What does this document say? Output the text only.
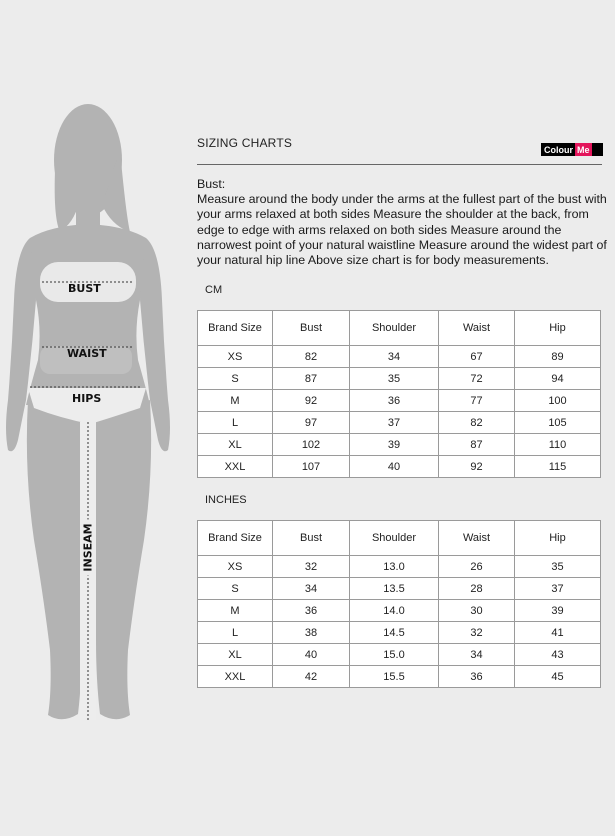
BUST
WAIST
HIPS
INSEAM
SIZING CHARTS	Colour Me
Bust:
Measure around the body under the arms at the fullest part of the bust with your arms relaxed at both sides Measure the shoulder at the back, from edge to edge with arms relaxed on both sides Measure around the narrowest point of your natural waistline Measure around the widest part of your natural hip line Above size chart is for body measurements.
CM
Brand Size	Bust	Shoulder	Waist	Hip
XS	82	34	67	89
S	87	35	72	94
M	92	36	77	100
L	97	37	82	105
XL	102	39	87	110
XXL	107	40	92	115
INCHES
Brand Size	Bust	Shoulder	Waist	Hip
XS	32	13.0	26	35
S	34	13.5	28	37
M	36	14.0	30	39
L	38	14.5	32	41
XL	40	15.0	34	43
XXL	42	15.5	36	45
